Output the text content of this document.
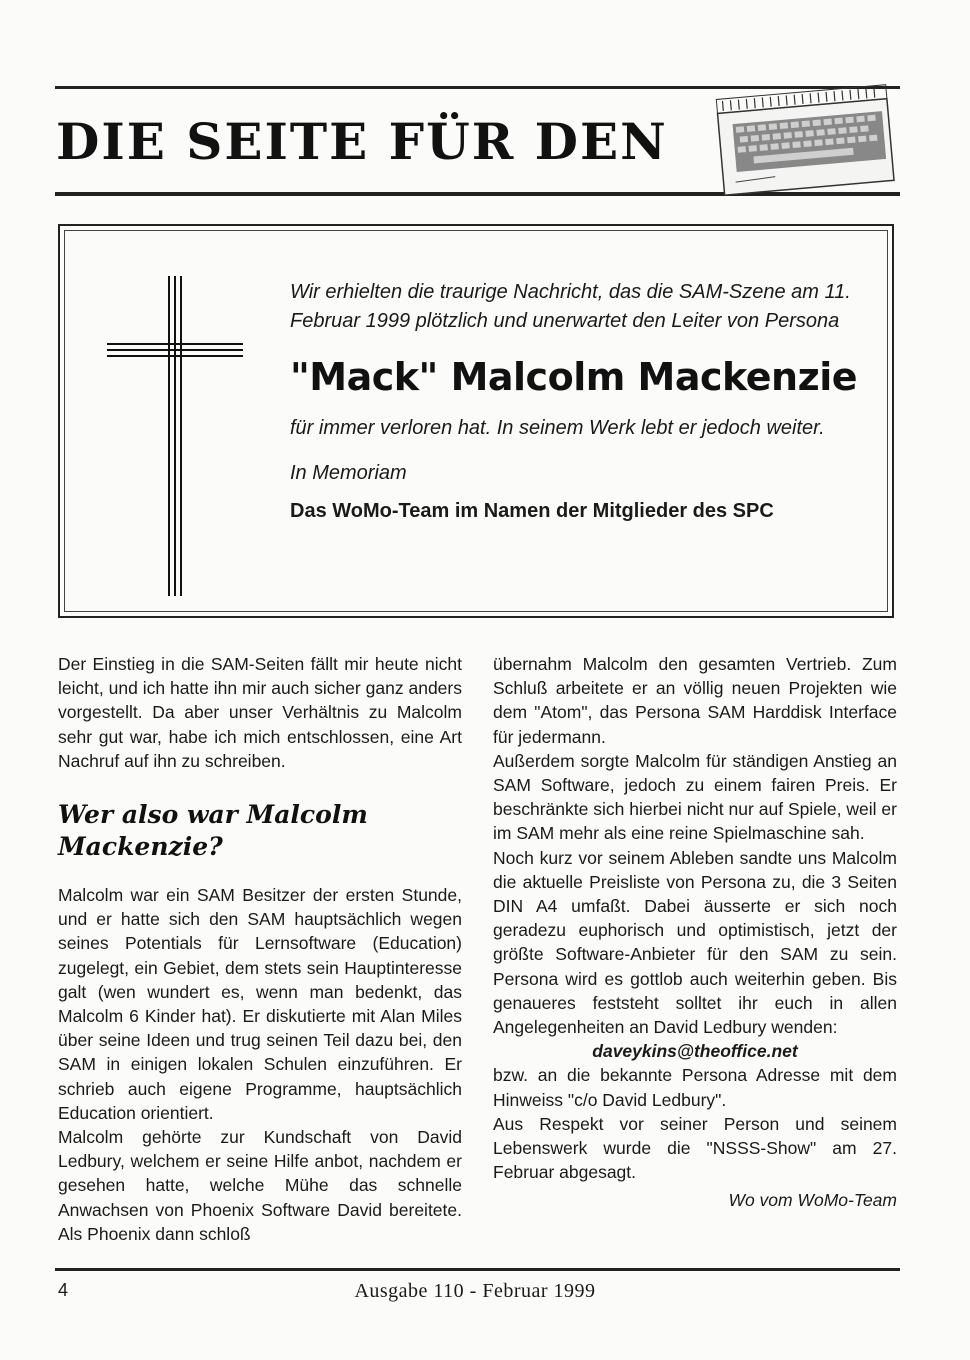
DIE SEITE FÜR DEN

Wir erhielten die traurige Nachricht, das die SAM-Szene am 11. Februar 1999 plötzlich und unerwartet den Leiter von Persona

"Mack" Malcolm Mackenzie

für immer verloren hat. In seinem Werk lebt er jedoch weiter.

In Memoriam

Das WoMo-Team im Namen der Mitglieder des SPC

Der Einstieg in die SAM-Seiten fällt mir heute nicht leicht, und ich hatte ihn mir auch sicher ganz anders vorgestellt. Da aber unser Verhältnis zu Malcolm sehr gut war, habe ich mich entschlossen, eine Art Nachruf auf ihn zu schreiben.

Wer also war Malcolm Mackenzie?

Malcolm war ein SAM Besitzer der ersten Stunde, und er hatte sich den SAM hauptsächlich wegen seines Potentials für Lernsoftware (Education) zugelegt, ein Gebiet, dem stets sein Hauptinteresse galt (wen wundert es, wenn man bedenkt, das Malcolm 6 Kinder hat). Er diskutierte mit Alan Miles über seine Ideen und trug seinen Teil dazu bei, den SAM in einigen lokalen Schulen einzuführen. Er schrieb auch eigene Programme, hauptsächlich Education orientiert.

Malcolm gehörte zur Kundschaft von David Ledbury, welchem er seine Hilfe anbot, nachdem er gesehen hatte, welche Mühe das schnelle Anwachsen von Phoenix Software David bereitete. Als Phoenix dann schloß

übernahm Malcolm den gesamten Vertrieb. Zum Schluß arbeitete er an völlig neuen Projekten wie dem "Atom", das Persona SAM Harddisk Interface für jedermann.

Außerdem sorgte Malcolm für ständigen Anstieg an SAM Software, jedoch zu einem fairen Preis. Er beschränkte sich hierbei nicht nur auf Spiele, weil er im SAM mehr als eine reine Spielmaschine sah.

Noch kurz vor seinem Ableben sandte uns Malcolm die aktuelle Preisliste von Persona zu, die 3 Seiten DIN A4 umfaßt. Dabei äusserte er sich noch geradezu euphorisch und optimistisch, jetzt der größte Software-Anbieter für den SAM zu sein. Persona wird es gottlob auch weiterhin geben. Bis genaueres feststeht solltet ihr euch in allen Angelegenheiten an David Ledbury wenden:

daveykins@theoffice.net

bzw. an die bekannte Persona Adresse mit dem Hinweiss "c/o David Ledbury".

Aus Respekt vor seiner Person und seinem Lebenswerk wurde die "NSSS-Show" am 27. Februar abgesagt.

Wo vom WoMo-Team
4	Ausgabe 110 - Februar 1999
